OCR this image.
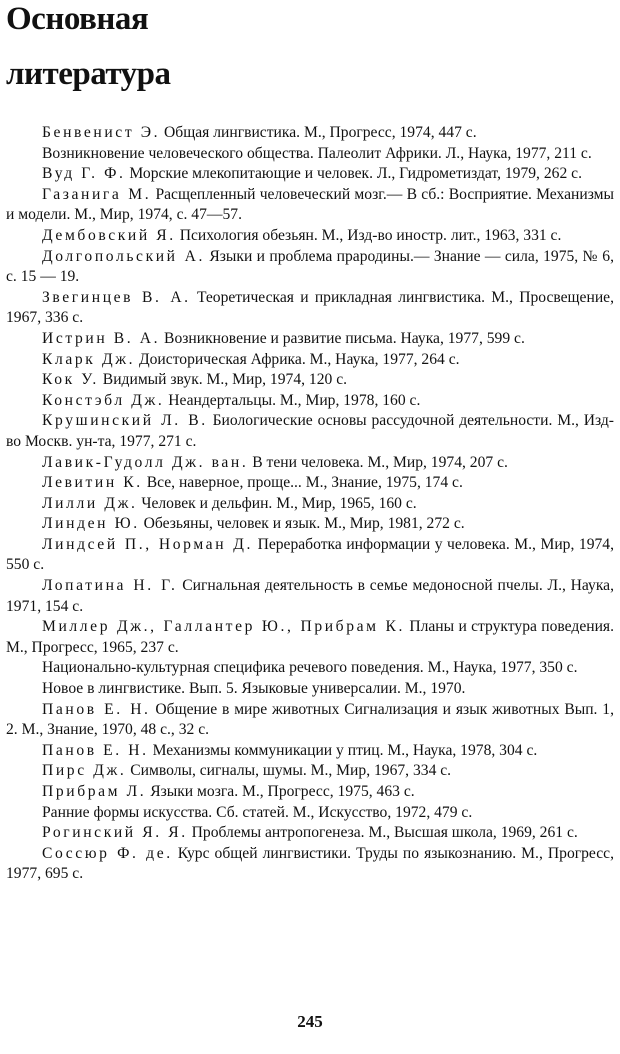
Основная
литература

Бенвенист Э. Общая лингвистика. М., Прогресс, 1974, 447 с.

Возникновение человеческого общества. Палеолит Африки. Л., Наука, 1977, 211 с.

Вуд Г. Ф. Морские млекопитающие и человек. Л., Гидрометиздат, 1979, 262 с.

Газанига М. Расщепленный человеческий мозг.— В сб.: Восприятие. Механизмы и модели. М., Мир, 1974, с. 47—57.

Дембовский Я. Психология обезьян. М., Изд-во иностр. лит., 1963, 331 с.

Долгопольский А. Языки и проблема прародины.— Знание — сила, 1975, № 6, с. 15 — 19.

Звегинцев В. А. Теоретическая и прикладная лингвистика. М., Просвещение, 1967, 336 с.

Истрин В. А. Возникновение и развитие письма. Наука, 1977, 599 с.

Кларк Дж. Доисторическая Африка. М., Наука, 1977, 264 с.

Кок У. Видимый звук. М., Мир, 1974, 120 с.

Констэбл Дж. Неандертальцы. М., Мир, 1978, 160 с.

Крушинский Л. В. Биологические основы рассудочной деятельности. М., Изд-во Москв. ун-та, 1977, 271 с.

Лавик-Гудолл Дж. ван. В тени человека. М., Мир, 1974, 207 с.

Левитин К. Все, наверное, проще... М., Знание, 1975, 174 с.

Лилли Дж. Человек и дельфин. М., Мир, 1965, 160 с.

Линден Ю. Обезьяны, человек и язык. М., Мир, 1981, 272 с.

Линдсей П., Норман Д. Переработка информации у человека. М., Мир, 1974, 550 с.

Лопатина Н. Г. Сигнальная деятельность в семье медоносной пчелы. Л., Наука, 1971, 154 с.

Миллер Дж., Галлантер Ю., Прибрам К. Планы и структура поведения. М., Прогресс, 1965, 237 с.

Национально-культурная специфика речевого поведения. М., Наука, 1977, 350 с.

Новое в лингвистике. Вып. 5. Языковые универсалии. М., 1970.

Панов Е. Н. Общение в мире животных Сигнализация и язык животных Вып. 1, 2. М., Знание, 1970, 48 с., 32 с.

Панов Е. Н. Механизмы коммуникации у птиц. М., Наука, 1978, 304 с.

Пирс Дж. Символы, сигналы, шумы. М., Мир, 1967, 334 с.

Прибрам Л. Языки мозга. М., Прогресс, 1975, 463 с.

Ранние формы искусства. Сб. статей. М., Искусство, 1972, 479 с.

Рогинский Я. Я. Проблемы антропогенеза. М., Высшая школа, 1969, 261 с.

Соссюр Ф. де. Курс общей лингвистики. Труды по языкознанию. М., Прогресс, 1977, 695 с.

245
